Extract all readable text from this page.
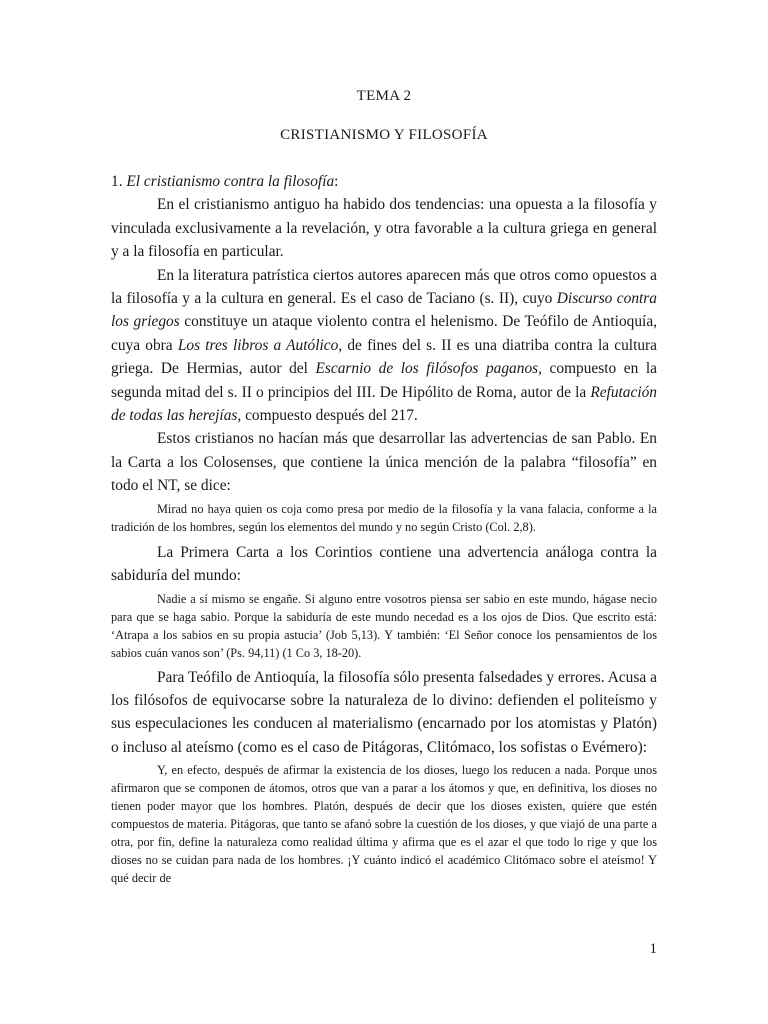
TEMA 2
CRISTIANISMO Y FILOSOFÍA

1. El cristianismo contra la filosofía:

En el cristianismo antiguo ha habido dos tendencias: una opuesta a la filosofía y vinculada exclusivamente a la revelación, y otra favorable a la cultura griega en general y a la filosofía en particular.

En la literatura patrística ciertos autores aparecen más que otros como opuestos a la filosofía y a la cultura en general. Es el caso de Taciano (s. II), cuyo Discurso contra los griegos constituye un ataque violento contra el helenismo. De Teófilo de Antioquía, cuya obra Los tres libros a Autólico, de fines del s. II es una diatriba contra la cultura griega. De Hermias, autor del Escarnio de los filósofos paganos, compuesto en la segunda mitad del s. II o principios del III. De Hipólito de Roma, autor de la Refutación de todas las herejías, compuesto después del 217.

Estos cristianos no hacían más que desarrollar las advertencias de san Pablo. En la Carta a los Colosenses, que contiene la única mención de la palabra “filosofía” en todo el NT, se dice:

Mirad no haya quien os coja como presa por medio de la filosofía y la vana falacia, conforme a la tradición de los hombres, según los elementos del mundo y no según Cristo (Col. 2,8).

La Primera Carta a los Corintios contiene una advertencia análoga contra la sabiduría del mundo:

Nadie a sí mismo se engañe. Si alguno entre vosotros piensa ser sabio en este mundo, hágase necio para que se haga sabio. Porque la sabiduría de este mundo necedad es a los ojos de Dios. Que escrito está: ‘Atrapa a los sabios en su propia astucia’ (Job 5,13). Y también: ‘El Señor conoce los pensamientos de los sabios cuán vanos son’ (Ps. 94,11) (1 Co 3, 18-20).

Para Teófilo de Antioquía, la filosofía sólo presenta falsedades y errores. Acusa a los filósofos de equivocarse sobre la naturaleza de lo divino: defienden el politeísmo y sus especulaciones les conducen al materialismo (encarnado por los atomistas y Platón) o incluso al ateísmo (como es el caso de Pitágoras, Clitómaco, los sofistas o Evémero):

Y, en efecto, después de afirmar la existencia de los dioses, luego los reducen a nada. Porque unos afirmaron que se componen de átomos, otros que van a parar a los átomos y que, en definitiva, los dioses no tienen poder mayor que los hombres. Platón, después de decir que los dioses existen, quiere que estén compuestos de materia. Pitágoras, que tanto se afanó sobre la cuestión de los dioses, y que viajó de una parte a otra, por fin, define la naturaleza como realidad última y afirma que es el azar el que todo lo rige y que los dioses no se cuidan para nada de los hombres. ¡Y cuánto indicó el académico Clitómaco sobre el ateísmo! Y qué decir de

1
